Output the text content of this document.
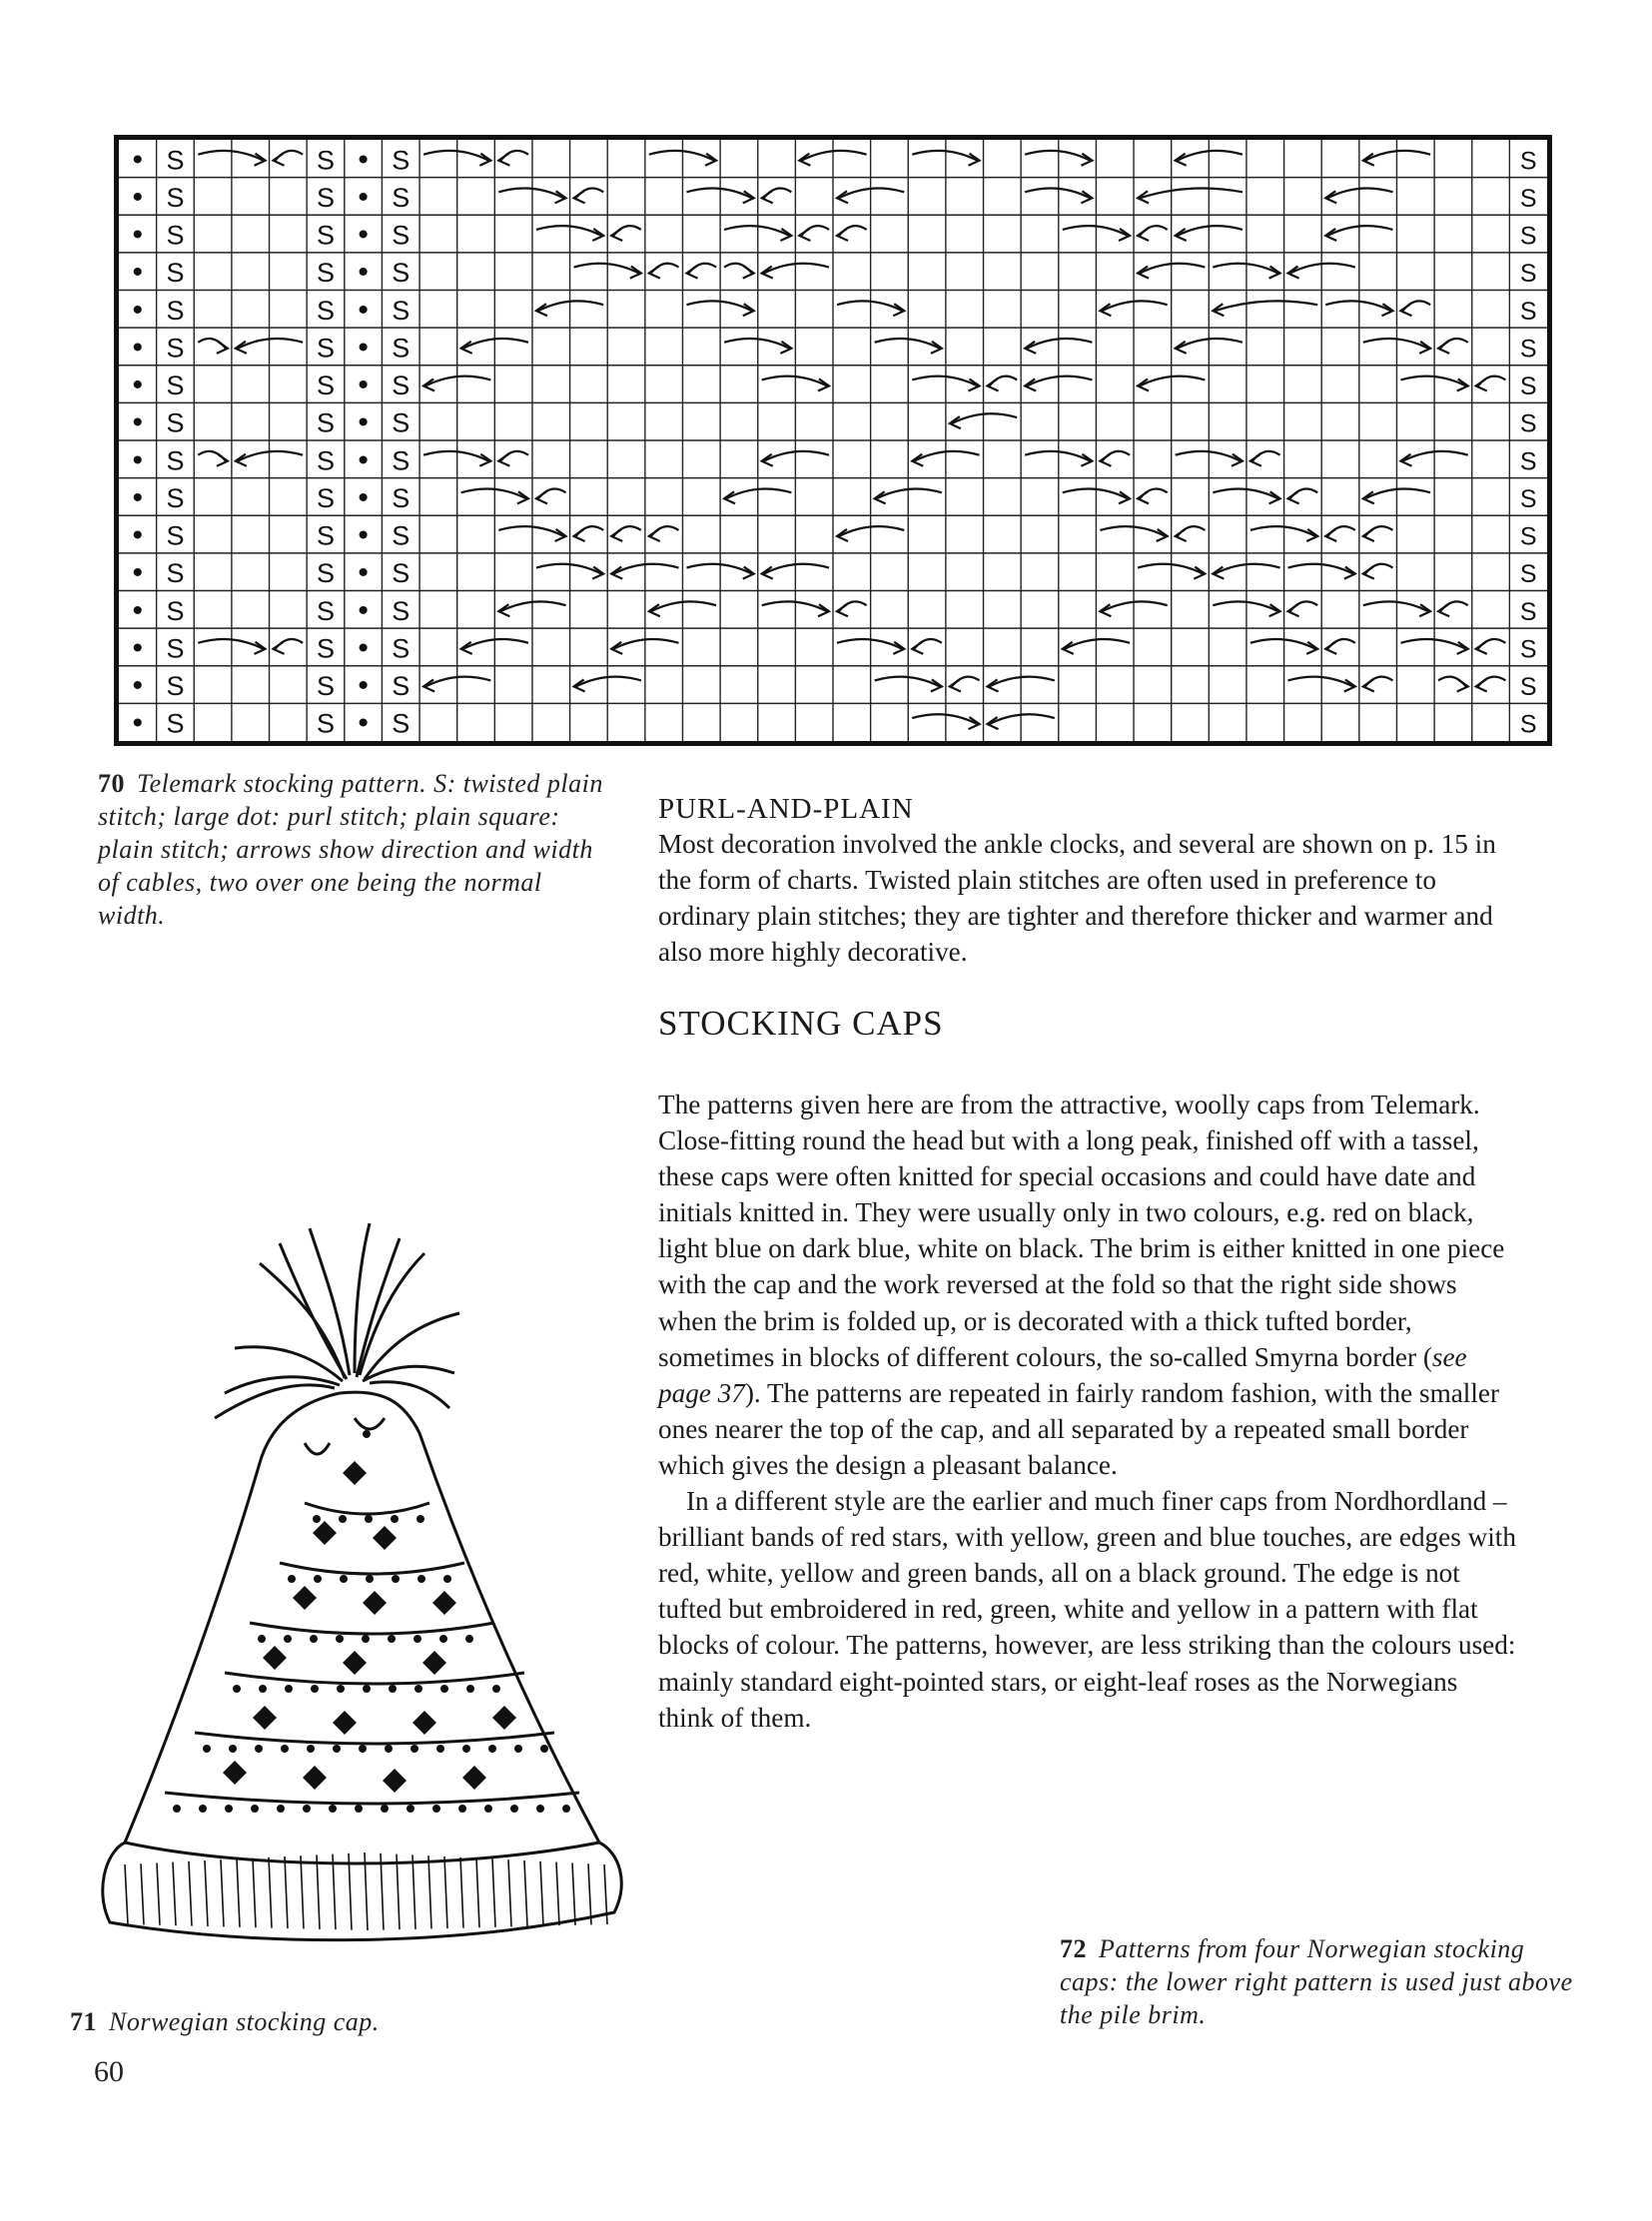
• S	S • S	S
• S	S • S	S
• S	S • S	S
• S	S • S	S
• S	S • S	S
• S	S • S	S
• S	S • S	S
• S	S • S	S
• S	S • S	S
• S	S • S	S
• S	S • S	S
• S	S • S	S
• S	S • S	S
• S	S • S	S
• S	S • S	S
• S	S • S	S
70 Telemark stocking pattern. S: twisted plain stitch; large dot: purl stitch; plain square: plain stitch; arrows show direction and width of cables, two over one being the normal width.
PURL-AND-PLAIN

Most decoration involved the ankle clocks, and several are shown on p. 15 in the form of charts. Twisted plain stitches are often used in preference to ordinary plain stitches; they are tighter and therefore thicker and warmer and also more highly decorative.

STOCKING CAPS

The patterns given here are from the attractive, woolly caps from Telemark. Close-fitting round the head but with a long peak, finished off with a tassel, these caps were often knitted for special occasions and could have date and initials knitted in. They were usually only in two colours, e.g. red on black, light blue on dark blue, white on black. The brim is either knitted in one piece with the cap and the work reversed at the fold so that the right side shows when the brim is folded up, or is decorated with a thick tufted border, sometimes in blocks of different colours, the so-called Smyrna border (see page 37). The patterns are repeated in fairly random fashion, with the smaller ones nearer the top of the cap, and all separated by a repeated small border which gives the design a pleasant balance.

In a different style are the earlier and much finer caps from Nordhordland – brilliant bands of red stars, with yellow, green and blue touches, are edges with red, white, yellow and green bands, all on a black ground. The edge is not tufted but embroidered in red, green, white and yellow in a pattern with flat blocks of colour. The patterns, however, are less striking than the colours used: mainly standard eight-pointed stars, or eight-leaf roses as the Norwegians think of them.

71 Norwegian stocking cap.
72 Patterns from four Norwegian stocking caps: the lower right pattern is used just above the pile brim.
60
